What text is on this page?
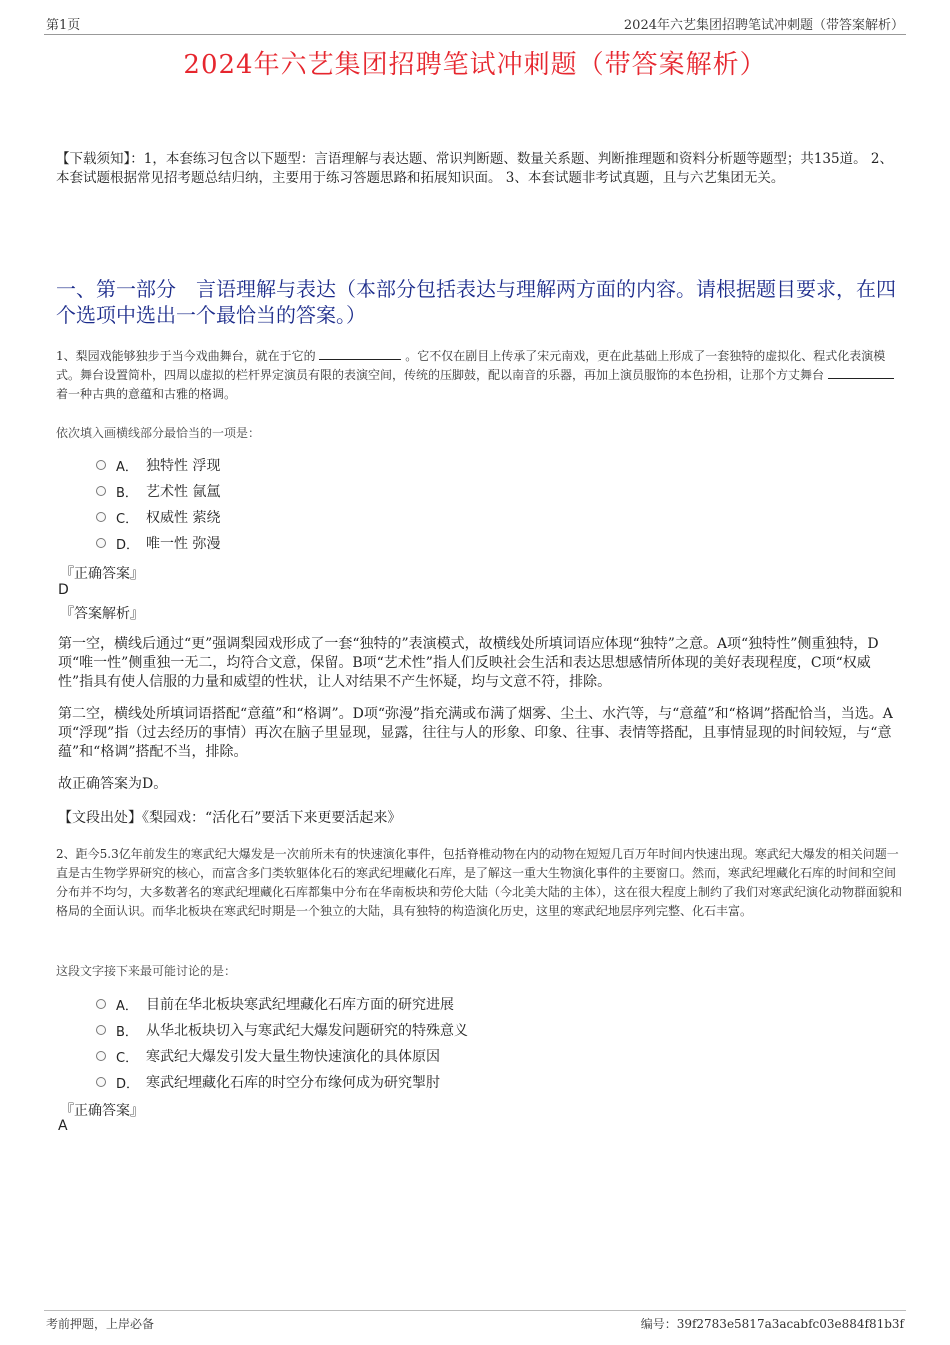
第1页	2024年六艺集团招聘笔试冲刺题（带答案解析）
2024年六艺集团招聘笔试冲刺题（带答案解析）
【下载须知】：1，本套练习包含以下题型：言语理解与表达题、常识判断题、数量关系题、判断推理题和资料分析题等题型；共135道。 2、本套试题根据常见招考题总结归纳，主要用于练习答题思路和拓展知识面。 3、本套试题非考试真题，且与六艺集团无关。
一、第一部分　言语理解与表达（本部分包括表达与理解两方面的内容。请根据题目要求，在四个选项中选出一个最恰当的答案。）
1、梨园戏能够独步于当今戏曲舞台，就在于它的	。它不仅在剧目上传承了宋元南戏，更在此基础上形成了一套独特的虚拟化、程式化表演模式。舞台设置简朴，四周以虚拟的栏杆界定演员有限的表演空间，传统的压脚鼓，配以南音的乐器，再加上演员服饰的本色扮相，让那个方丈舞台  着一种古典的意蕴和古雅的格调。
依次填入画横线部分最恰当的一项是：
A． 独特性 浮现
B． 艺术性 氤氲
C． 权威性 萦绕
D． 唯一性 弥漫
『正确答案』
D
『答案解析』
第一空，横线后通过“更”强调梨园戏形成了一套“独特的”表演模式，故横线处所填词语应体现“独特”之意。A项“独特性”侧重独特，D项“唯一性”侧重独一无二，均符合文意，保留。B项“艺术性”指人们反映社会生活和表达思想感情所体现的美好表现程度，C项“权威性”指具有使人信服的力量和威望的性状，让人对结果不产生怀疑，均与文意不符，排除。
第二空，横线处所填词语搭配“意蕴”和“格调”。D项“弥漫”指充满或布满了烟雾、尘土、水汽等，与“意蕴”和“格调”搭配恰当，当选。A项“浮现”指（过去经历的事情）再次在脑子里显现，显露，往往与人的形象、印象、往事、表情等搭配，且事情显现的时间较短，与“意蕴”和“格调”搭配不当，排除。
故正确答案为D。
【文段出处】《梨园戏：“活化石”要活下来更要活起来》
2、距今5.3亿年前发生的寒武纪大爆发是一次前所未有的快速演化事件，包括脊椎动物在内的动物在短短几百万年时间内快速出现。寒武纪大爆发的相关问题一直是古生物学界研究的核心，而富含多门类软躯体化石的寒武纪埋藏化石库，是了解这一重大生物演化事件的主要窗口。然而，寒武纪埋藏化石库的时间和空间分布并不均匀，大多数著名的寒武纪埋藏化石库都集中分布在华南板块和劳伦大陆（今北美大陆的主体），这在很大程度上制约了我们对寒武纪演化动物群面貌和格局的全面认识。而华北板块在寒武纪时期是一个独立的大陆，具有独特的构造演化历史，这里的寒武纪地层序列完整、化石丰富。
这段文字接下来最可能讨论的是：
A． 目前在华北板块寒武纪埋藏化石库方面的研究进展
B． 从华北板块切入与寒武纪大爆发问题研究的特殊意义
C． 寒武纪大爆发引发大量生物快速演化的具体原因
D． 寒武纪埋藏化石库的时空分布缘何成为研究掣肘
『正确答案』
A
考前押题，上岸必备	编号：39f2783e5817a3acabfc03e884f81b3f
